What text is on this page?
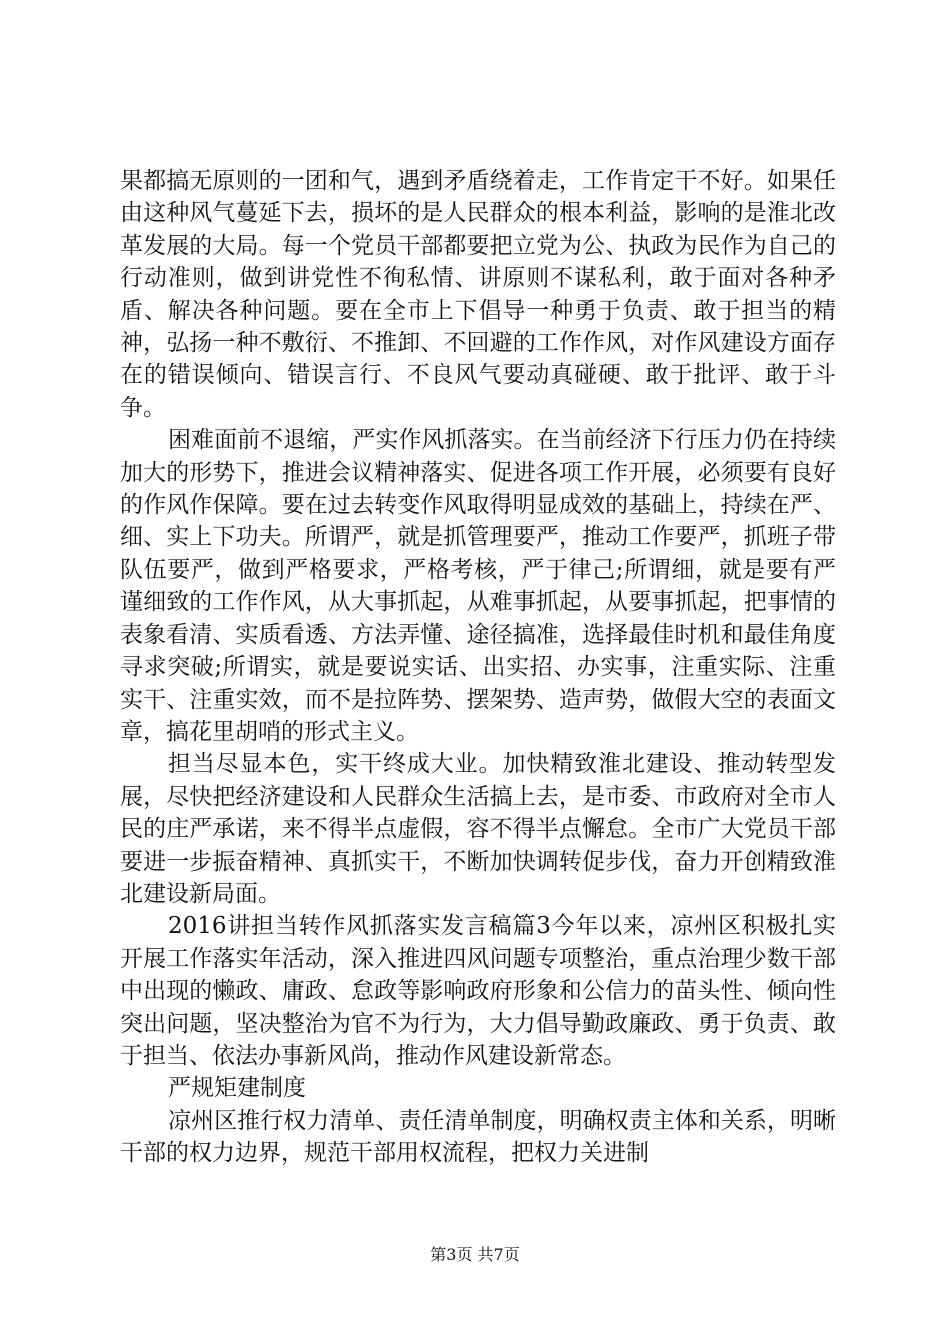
果都搞无原则的一团和气，遇到矛盾绕着走，工作肯定干不好。如果任由这种风气蔓延下去，损坏的是人民群众的根本利益，影响的是淮北改革发展的大局。每一个党员干部都要把立党为公、执政为民作为自己的行动准则，做到讲党性不徇私情、讲原则不谋私利，敢于面对各种矛盾、解决各种问题。要在全市上下倡导一种勇于负责、敢于担当的精神，弘扬一种不敷衍、不推卸、不回避的工作作风，对作风建设方面存在的错误倾向、错误言行、不良风气要动真碰硬、敢于批评、敢于斗争。

困难面前不退缩，严实作风抓落实。在当前经济下行压力仍在持续加大的形势下，推进会议精神落实、促进各项工作开展，必须要有良好的作风作保障。要在过去转变作风取得明显成效的基础上，持续在严、细、实上下功夫。所谓严，就是抓管理要严，推动工作要严，抓班子带队伍要严，做到严格要求，严格考核，严于律己;所谓细，就是要有严谨细致的工作作风，从大事抓起，从难事抓起，从要事抓起，把事情的表象看清、实质看透、方法弄懂、途径搞准，选择最佳时机和最佳角度寻求突破;所谓实，就是要说实话、出实招、办实事，注重实际、注重实干、注重实效，而不是拉阵势、摆架势、造声势，做假大空的表面文章，搞花里胡哨的形式主义。

担当尽显本色，实干终成大业。加快精致淮北建设、推动转型发展，尽快把经济建设和人民群众生活搞上去，是市委、市政府对全市人民的庄严承诺，来不得半点虚假，容不得半点懈怠。全市广大党员干部要进一步振奋精神、真抓实干，不断加快调转促步伐，奋力开创精致淮北建设新局面。

2016讲担当转作风抓落实发言稿篇3今年以来，凉州区积极扎实开展工作落实年活动，深入推进四风问题专项整治，重点治理少数干部中出现的懒政、庸政、怠政等影响政府形象和公信力的苗头性、倾向性突出问题，坚决整治为官不为行为，大力倡导勤政廉政、勇于负责、敢于担当、依法办事新风尚，推动作风建设新常态。

严规矩建制度

凉州区推行权力清单、责任清单制度，明确权责主体和关系，明晰干部的权力边界，规范干部用权流程，把权力关进制

第3页 共7页
